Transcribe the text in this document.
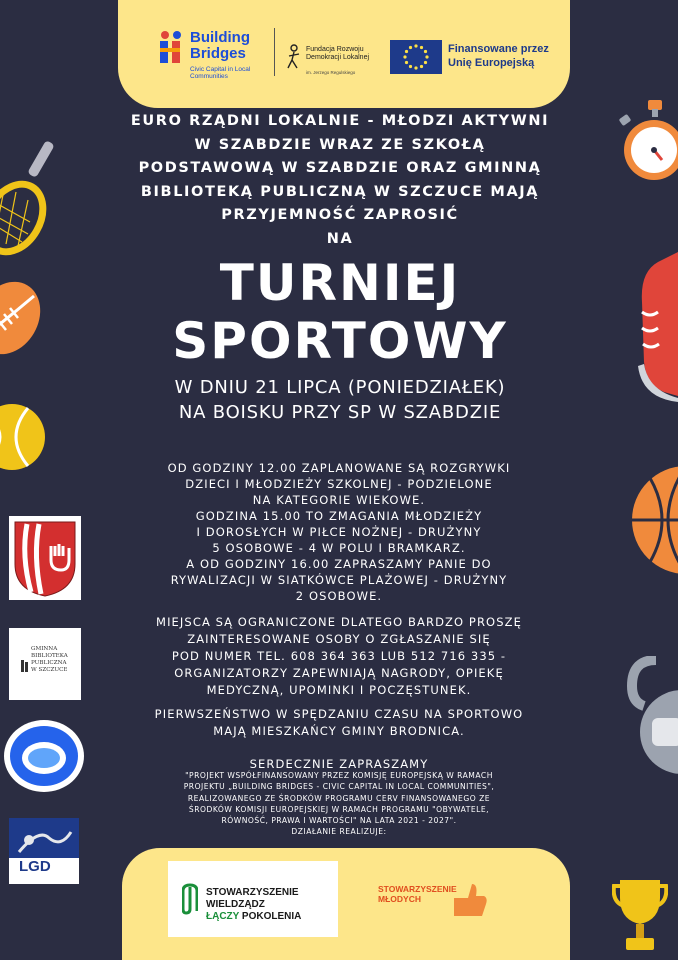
Building
Bridges
Civic Capital in Local
Communities
Fundacja Rozwoju
Demokracji Lokalnej
im. Jerzego Regulskiego
Finansowane przez
Unię Europejską

EURO RZĄDNI LOKALNIE - MŁODZI AKTYWNI
W SZABDZIE WRAZ ZE SZKOŁĄ
PODSTAWOWĄ W SZABDZIE ORAZ GMINNĄ
BIBLIOTEKĄ PUBLICZNĄ W SZCZUCE MAJĄ
PRZYJEMNOŚĆ ZAPROSIĆ
NA

TURNIEJ
SPORTOWY
W DNIU 21 LIPCA (PONIEDZIAŁEK)
NA BOISKU PRZY SP W SZABDZIE
OD GODZINY 12.00 ZAPLANOWANE SĄ ROZGRYWKI
DZIECI I MŁODZIEŻY SZKOLNEJ - PODZIELONE
NA KATEGORIE WIEKOWE.
GODZINA 15.00 TO ZMAGANIA MŁODZIEŻY
I DOROSŁYCH W PIŁCE NOŻNEJ - DRUŻYNY
5 OSOBOWE - 4 W POLU I BRAMKARZ.
A OD GODZINY 16.00 ZAPRASZAMY PANIE DO
RYWALIZACJI W SIATKÓWCE PLAŻOWEJ - DRUŻYNY
2 OSOBOWE.
MIEJSCA SĄ OGRANICZONE DLATEGO BARDZO PROSZĘ
ZAINTERESOWANE OSOBY O ZGŁASZANIE SIĘ
POD NUMER TEL. 608 364 363 LUB 512 716 335 -
ORGANIZATORZY ZAPEWNIAJĄ NAGRODY, OPIEKĘ
MEDYCZNĄ, UPOMINKI I POCZĘSTUNEK.
PIERWSZEŃSTWO W SPĘDZANIU CZASU NA SPORTOWO
MAJĄ MIESZKAŃCY GMINY BRODNICA.
SERDECZNIE ZAPRASZAMY
"PROJEKT WSPÓŁFINANSOWANY PRZEZ KOMISJĘ EUROPEJSKĄ W RAMACH
PROJEKTU „BUILDING BRIDGES - CIVIC CAPITAL IN LOCAL COMMUNITIES",
REALIZOWANEGO ZE ŚRODKÓW PROGRAMU CERV FINANSOWANEGO ZE
ŚRODKÓW KOMISJI EUROPEJSKIEJ W RAMACH PROGRAMU "OBYWATELE,
RÓWNOŚĆ, PRAWA I WARTOŚCI" NA LATA 2021 - 2027".
DZIAŁANIE REALIZUJE:
GMINNA
BIBLIOTEKA
PUBLICZNA
W SZCZUCE
LGD
STOWARZYSZENIE
WIELDZĄDZ
ŁĄCZY POKOLENIA
STOWARZYSZENIE
MŁODYCH
